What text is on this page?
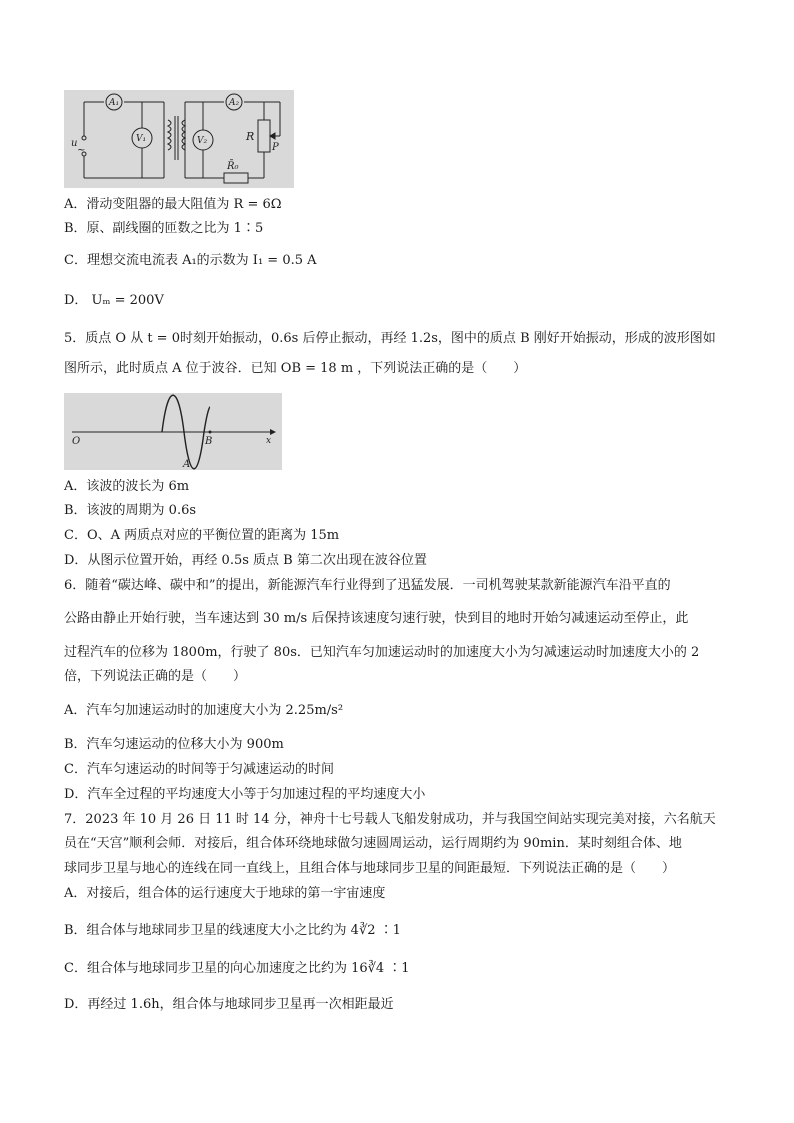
A₁
V₁
A₂
V₂
u
~
R
P
R̄₀
A．滑动变阻器的最大阻值为 R = 6Ω
B．原、副线圈的匝数之比为 1∶5
C．理想交流电流表 A₁的示数为 I₁ = 0.5 A
D． Uₘ = 200V
5．质点 O 从 t = 0时刻开始振动，0.6s 后停止振动，再经 1.2s，图中的质点 B 刚好开始振动，形成的波形图如
图所示，此时质点 A 位于波谷．已知 OB = 18 m ，下列说法正确的是（　　）
O	B
A
x
A．该波的波长为 6m
B．该波的周期为 0.6s
C．O、A 两质点对应的平衡位置的距离为 15m
D．从图示位置开始，再经 0.5s 质点 B 第二次出现在波谷位置
6．随着“碳达峰、碳中和”的提出，新能源汽车行业得到了迅猛发展．一司机驾驶某款新能源汽车沿平直的
公路由静止开始行驶，当车速达到 30 m/s 后保持该速度匀速行驶，快到目的地时开始匀减速运动至停止，此
过程汽车的位移为 1800m，行驶了 80s．已知汽车匀加速运动时的加速度大小为匀减速运动时加速度大小的 2
倍，下列说法正确的是（　　）
A．汽车匀加速运动时的加速度大小为 2.25m/s²
B．汽车匀速运动的位移大小为 900m
C．汽车匀速运动的时间等于匀减速运动的时间
D．汽车全过程的平均速度大小等于匀加速过程的平均速度大小
7．2023 年 10 月 26 日 11 时 14 分，神舟十七号载人飞船发射成功，并与我国空间站实现完美对接，六名航天
员在“天宫”顺利会师．对接后，组合体环绕地球做匀速圆周运动，运行周期约为 90min．某时刻组合体、地
球同步卫星与地心的连线在同一直线上，且组合体与地球同步卫星的间距最短．下列说法正确的是（　　）
A．对接后，组合体的运行速度大于地球的第一宇宙速度
B．组合体与地球同步卫星的线速度大小之比约为 4∛2 ∶1
C．组合体与地球同步卫星的向心加速度之比约为 16∛4 ∶1
D．再经过 1.6h，组合体与地球同步卫星再一次相距最近
